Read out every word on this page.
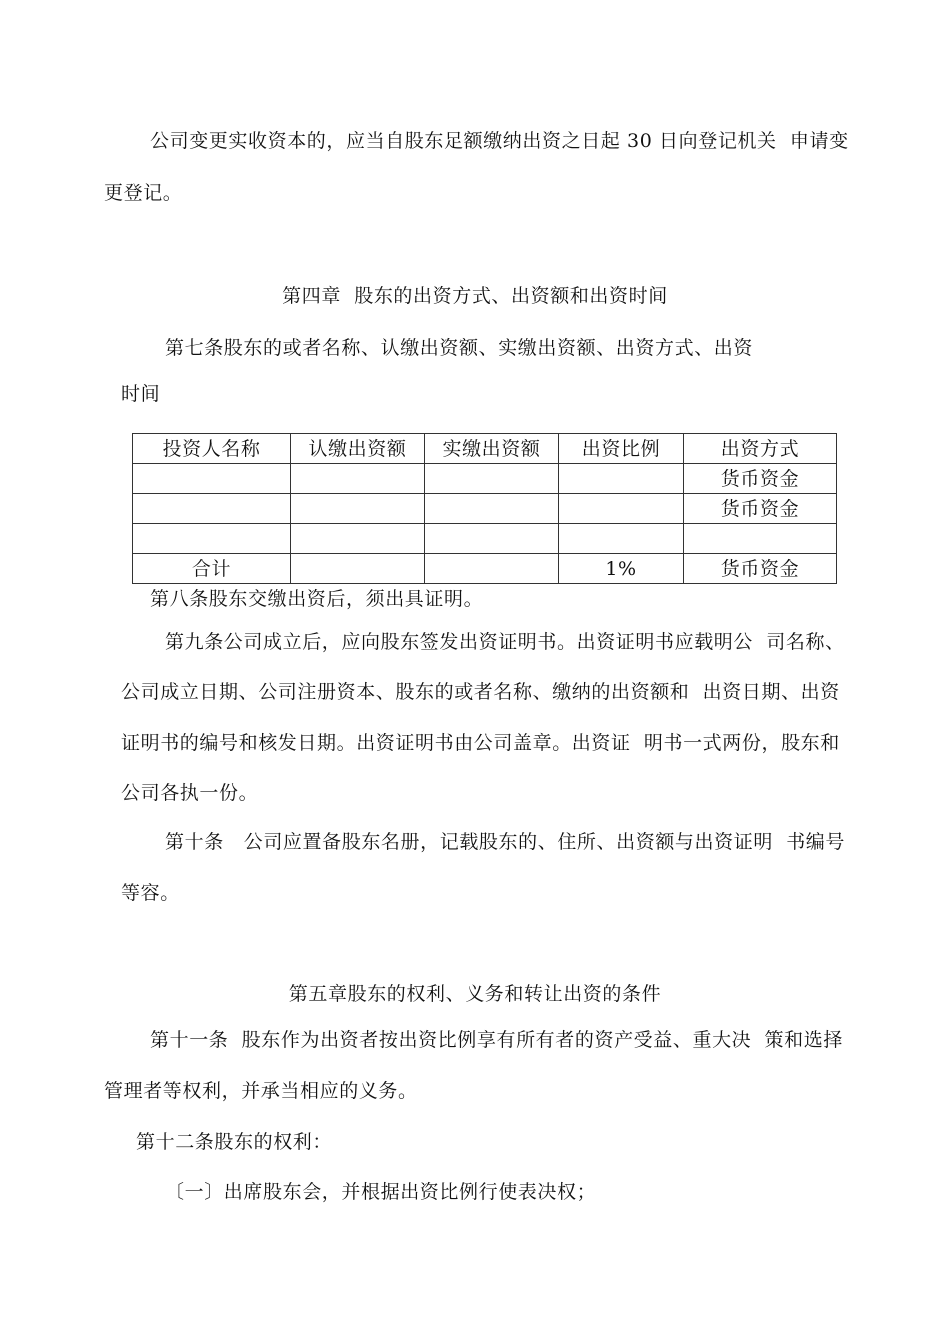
公司变更实收资本的，应当自股东足额缴纳出资之日起 30 日向登记机关  申请变
更登记。
第四章  股东的出资方式、出资额和出资时间
第七条股东的或者名称、认缴出资额、实缴出资额、出资方式、出资
时间
投资人名称	认缴出资额	实缴出资额	出资比例	出资方式
				货币资金
				货币资金

合计			1%	货币资金
第八条股东交缴出资后，须出具证明。
第九条公司成立后，应向股东签发出资证明书。出资证明书应载明公  司名称、
公司成立日期、公司注册资本、股东的或者名称、缴纳的出资额和  出资日期、出资
证明书的编号和核发日期。出资证明书由公司盖章。出资证  明书一式两份，股东和
公司各执一份。
第十条   公司应置备股东名册，记载股东的、住所、出资额与出资证明  书编号
等容。
第五章股东的权利、义务和转让出资的条件
第十一条  股东作为出资者按出资比例享有所有者的资产受益、重大决  策和选择
管理者等权利，并承当相应的义务。
第十二条股东的权利：
〔一〕出席股东会，并根据出资比例行使表决权；
